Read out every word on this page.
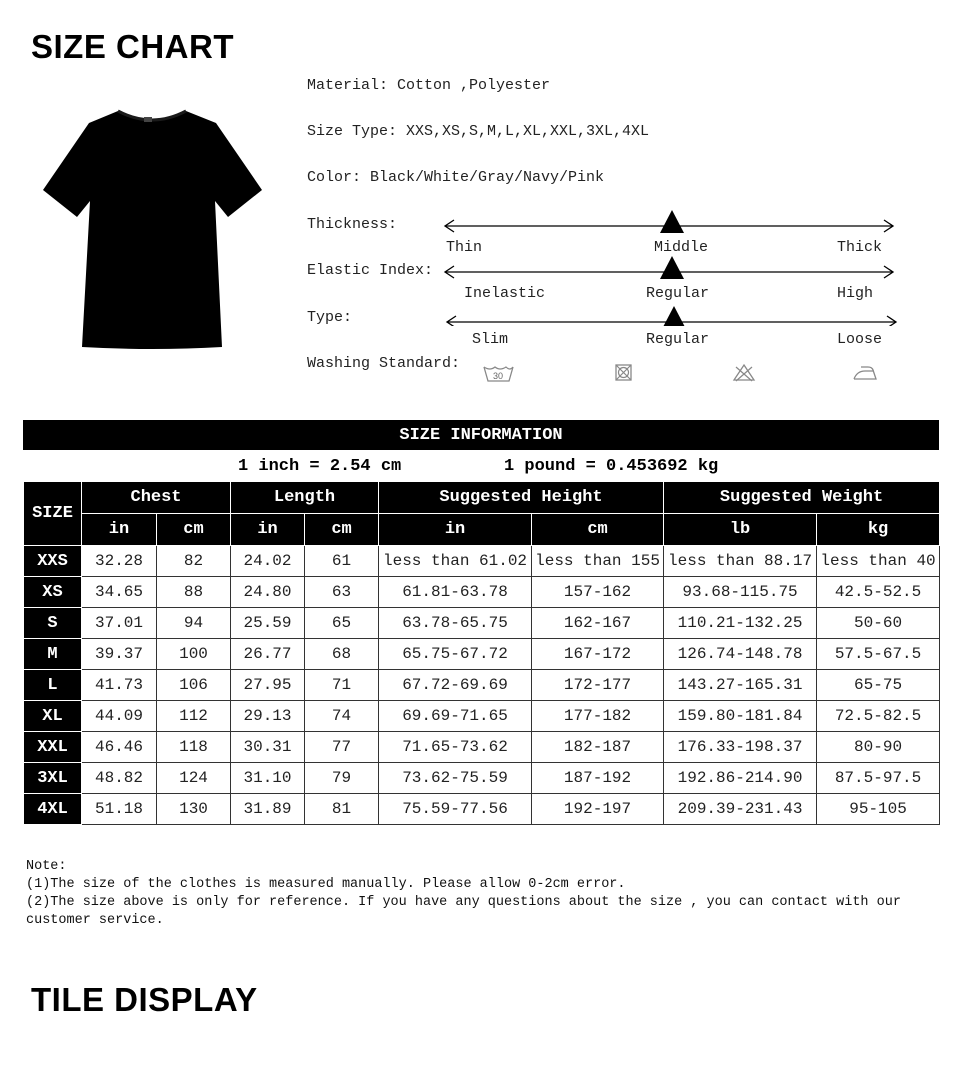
SIZE CHART
Material: Cotton ,Polyester
Size Type: XXS,XS,S,M,L,XL,XXL,3XL,4XL
Color: Black/White/Gray/Navy/Pink
Thickness:
Thin	Middle	Thick
Elastic Index:
Inelastic	Regular	High
Type:
Slim	Regular	Loose
Washing Standard:
30
SIZE INFORMATION
1 inch = 2.54 cm	1 pound = 0.453692 kg
SIZE	Chest		Length		Suggested Height		Suggested Weight	
	in	cm	in	cm	in	cm	lb	kg
XXS	32.28	82	24.02	61	less than 61.02	less than 155	less than 88.17	less than 40
XS	34.65	88	24.80	63	61.81-63.78	157-162	93.68-115.75	42.5-52.5
S	37.01	94	25.59	65	63.78-65.75	162-167	110.21-132.25	50-60
M	39.37	100	26.77	68	65.75-67.72	167-172	126.74-148.78	57.5-67.5
L	41.73	106	27.95	71	67.72-69.69	172-177	143.27-165.31	65-75
XL	44.09	112	29.13	74	69.69-71.65	177-182	159.80-181.84	72.5-82.5
XXL	46.46	118	30.31	77	71.65-73.62	182-187	176.33-198.37	80-90
3XL	48.82	124	31.10	79	73.62-75.59	187-192	192.86-214.90	87.5-97.5
4XL	51.18	130	31.89	81	75.59-77.56	192-197	209.39-231.43	95-105
Note:
(1)The size of the clothes is measured manually. Please allow 0-2cm error.
(2)The size above is only for reference. If you have any questions about the size , you can contact with our customer service.
TILE DISPLAY
